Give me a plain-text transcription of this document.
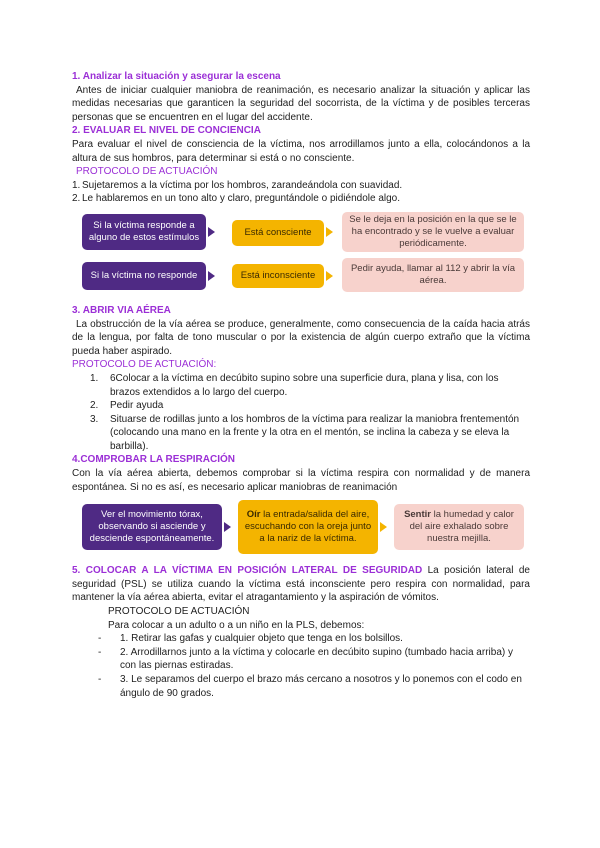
1. Analizar la situación y asegurar la escena

Antes de iniciar cualquier maniobra de reanimación, es necesario analizar la situación y aplicar las medidas necesarias que garanticen la seguridad del socorrista, de la víctima y de posibles terceras personas que se encuentren en el lugar del accidente.

2. EVALUAR EL NIVEL DE CONCIENCIA

Para evaluar el nivel de consciencia de la víctima, nos arrodillamos junto a ella, colocándonos a la altura de sus hombros, para determinar si está o no consciente.

PROTOCOLO DE ACTUACIÓN

1. Sujetaremos a la víctima por los hombros, zarandeándola con suavidad.
2. Le hablaremos en un tono alto y claro, preguntándole o pidiéndole algo.
Si la víctima responde a alguno de estos estímulos	Está consciente
Se le deja en la posición en la que se le ha encontrado y se le vuelve a evaluar periódicamente.
Si la víctima no responde	Está inconsciente
Pedir ayuda, llamar al 112 y abrir la vía aérea.

3. ABRIR VIA AÉREA

La obstrucción de la vía aérea se produce, generalmente, como consecuencia de la caída hacia atrás de la lengua, por falta de tono muscular o por la existencia de algún cuerpo extraño que la víctima pueda haber aspirado.

PROTOCOLO DE ACTUACIÓN:

1.	6Colocar a la víctima en decúbito supino sobre una superficie dura, plana y lisa, con los brazos extendidos a lo largo del cuerpo.
2.	Pedir ayuda
3.	Situarse de rodillas junto a los hombros de la víctima para realizar la maniobra frentementón (colocando una mano en la frente y la otra en el mentón, se inclina la cabeza y se eleva la barbilla).

4.COMPROBAR LA RESPIRACIÓN

Con la vía aérea abierta, debemos comprobar si la víctima respira con normalidad y de manera espontánea. Si no es así, es necesario aplicar maniobras de reanimación

Ver el movimiento tórax, observando si asciende y desciende espontáneamente.
Oír la entrada/salida del aire, escuchando con la oreja junto a la nariz de la víctima.
Sentir la humedad y calor del aire exhalado sobre nuestra mejilla.

5. COLOCAR A LA VÍCTIMA EN POSICIÓN LATERAL DE SEGURIDAD La posición lateral de seguridad (PSL) se utiliza cuando la víctima está inconsciente pero respira con normalidad, para mantener la vía aérea abierta, evitar el atragantamiento y la aspiración de vómitos.

PROTOCOLO DE ACTUACIÓN

Para colocar a un adulto o a un niño en la PLS, debemos:

-	1. Retirar las gafas y cualquier objeto que tenga en los bolsillos.
-	2. Arrodillarnos junto a la víctima y colocarle en decúbito supino (tumbado hacia arriba) y con las piernas estiradas.
-	3. Le separamos del cuerpo el brazo más cercano a nosotros y lo ponemos con el codo en ángulo de 90 grados.
